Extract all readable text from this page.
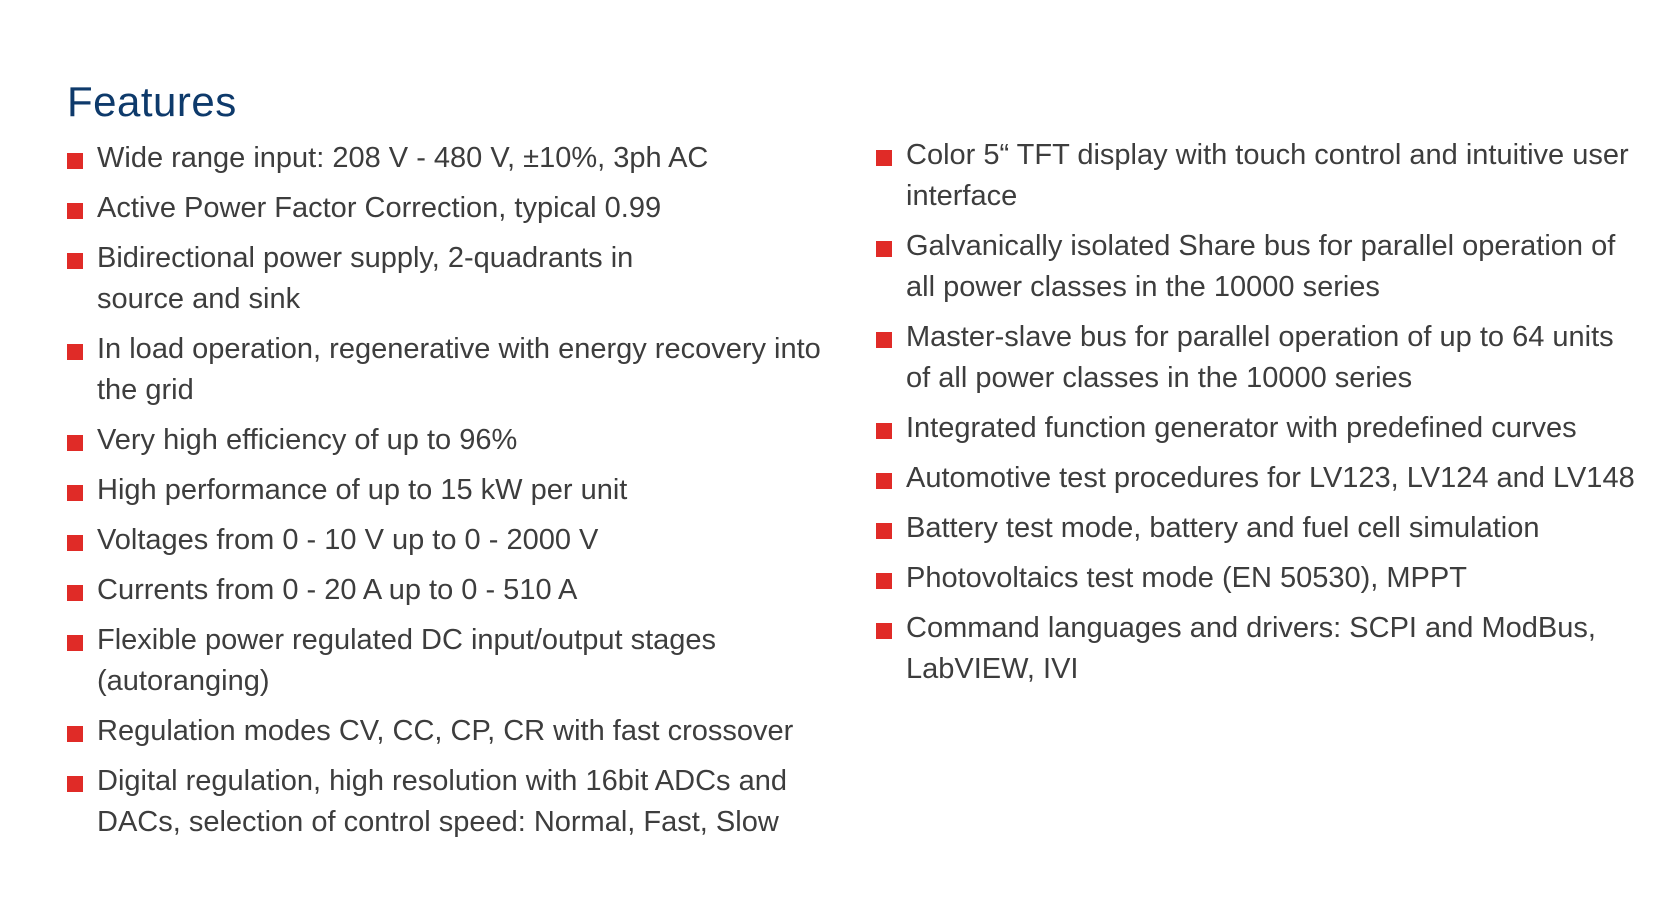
Features
Wide range input: 208 V - 480 V, ±10%, 3ph AC
Active Power Factor Correction, typical 0.99
Bidirectional power supply, 2-quadrants in source and sink
In load operation, regenerative with energy recovery into the grid
Very high efficiency of up to 96%
High performance of up to 15 kW per unit
Voltages from 0 - 10 V up to 0 - 2000 V
Currents from 0 - 20 A up to 0 - 510 A
Flexible power regulated DC input/output stages (autoranging)
Regulation modes CV, CC, CP, CR with fast crossover
Digital regulation, high resolution with 16bit ADCs and DACs, selection of control speed: Normal, Fast, Slow
Color 5“ TFT display with touch control and intuitive user interface
Galvanically isolated Share bus for parallel operation of all power classes in the 10000 series
Master-slave bus for parallel operation of up to 64 units of all power classes in the 10000 series
Integrated function generator with predefined curves
Automotive test procedures for LV123, LV124 and LV148
Battery test mode, battery and fuel cell simulation
Photovoltaics test mode (EN 50530), MPPT
Command languages and drivers: SCPI and ModBus, LabVIEW, IVI
